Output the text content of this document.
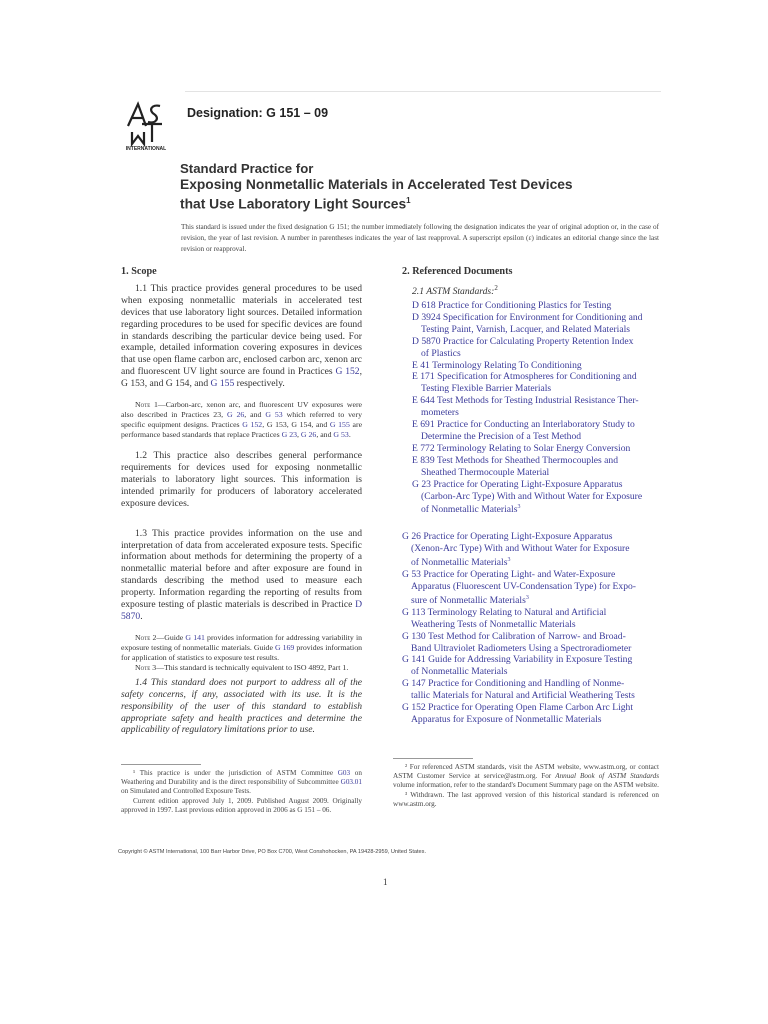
INTERNATIONAL
Designation: G 151 – 09
Standard Practice for
Exposing Nonmetallic Materials in Accelerated Test Devices
that Use Laboratory Light Sources$^1$
This standard is issued under the fixed designation G 151; the number immediately following the designation indicates the year of original adoption or, in the case of revision, the year of last revision. A number in parentheses indicates the year of last reapproval. A superscript epsilon (ε) indicates an editorial change since the last revision or reapproval.

1. Scope

1.1 This practice provides general procedures to be used when exposing nonmetallic materials in accelerated test devices that use laboratory light sources. Detailed information regarding procedures to be used for specific devices are found in standards describing the particular device being used. For example, detailed information covering exposures in devices that use open flame carbon arc, enclosed carbon arc, xenon arc and fluorescent UV light source are found in Practices G 152, G 153, and G 154, and G 155 respectively.

Note 1—Carbon-arc, xenon arc, and fluorescent UV exposures were also described in Practices 23, G 26, and G 53 which referred to very specific equipment designs. Practices G 152, G 153, G 154, and G 155 are performance based standards that replace Practices G 23, G 26, and G 53.

1.2 This practice also describes general performance requirements for devices used for exposing nonmetallic materials to laboratory light sources. This information is intended primarily for producers of laboratory accelerated exposure devices.

1.3 This practice provides information on the use and interpretation of data from accelerated exposure tests. Specific information about methods for determining the property of a nonmetallic material before and after exposure are found in standards describing the method used to measure each property. Information regarding the reporting of results from exposure testing of plastic materials is described in Practice D 5870.

Note 2—Guide G 141 provides information for addressing variability in exposure testing of nonmetallic materials. Guide G 169 provides information for application of statistics to exposure test results.

Note 3—This standard is technically equivalent to ISO 4892, Part 1.

1.4 This standard does not purport to address all of the safety concerns, if any, associated with its use. It is the responsibility of the user of this standard to establish appropriate safety and health practices and determine the applicability of regulatory limitations prior to use.

2. Referenced Documents

2.1 ASTM Standards:$^2$

D 618 Practice for Conditioning Plastics for Testing
D 3924 Specification for Environment for Conditioning and
Testing Paint, Varnish, Lacquer, and Related Materials
D 5870 Practice for Calculating Property Retention Index
of Plastics
E 41 Terminology Relating To Conditioning
E 171 Specification for Atmospheres for Conditioning and
Testing Flexible Barrier Materials
E 644 Test Methods for Testing Industrial Resistance Ther-
mometers
E 691 Practice for Conducting an Interlaboratory Study to
Determine the Precision of a Test Method
E 772 Terminology Relating to Solar Energy Conversion
E 839 Test Methods for Sheathed Thermocouples and
Sheathed Thermocouple Material
G 23 Practice for Operating Light-Exposure Apparatus
(Carbon-Arc Type) With and Without Water for Exposure
of Nonmetallic Materials$^3$
G 26 Practice for Operating Light-Exposure Apparatus
(Xenon-Arc Type) With and Without Water for Exposure
of Nonmetallic Materials$^3$
G 53 Practice for Operating Light- and Water-Exposure
Apparatus (Fluorescent UV-Condensation Type) for Expo-
sure of Nonmetallic Materials$^3$
G 113 Terminology Relating to Natural and Artificial
Weathering Tests of Nonmetallic Materials
G 130 Test Method for Calibration of Narrow- and Broad-
Band Ultraviolet Radiometers Using a Spectroradiometer
G 141 Guide for Addressing Variability in Exposure Testing
of Nonmetallic Materials
G 147 Practice for Conditioning and Handling of Nonme-
tallic Materials for Natural and Artificial Weathering Tests
G 152 Practice for Operating Open Flame Carbon Arc Light
Apparatus for Exposure of Nonmetallic Materials

¹ This practice is under the jurisdiction of ASTM Committee G03 on Weathering and Durability and is the direct responsibility of Subcommittee G03.01 on Simulated and Controlled Exposure Tests.

Current edition approved July 1, 2009. Published August 2009. Originally approved in 1997. Last previous edition approved in 2006 as G 151 – 06.

² For referenced ASTM standards, visit the ASTM website, www.astm.org, or contact ASTM Customer Service at service@astm.org. For Annual Book of ASTM Standards volume information, refer to the standard's Document Summary page on the ASTM website.

³ Withdrawn. The last approved version of this historical standard is referenced on www.astm.org.

Copyright © ASTM International, 100 Barr Harbor Drive, PO Box C700, West Conshohocken, PA 19428-2959, United States.
1
